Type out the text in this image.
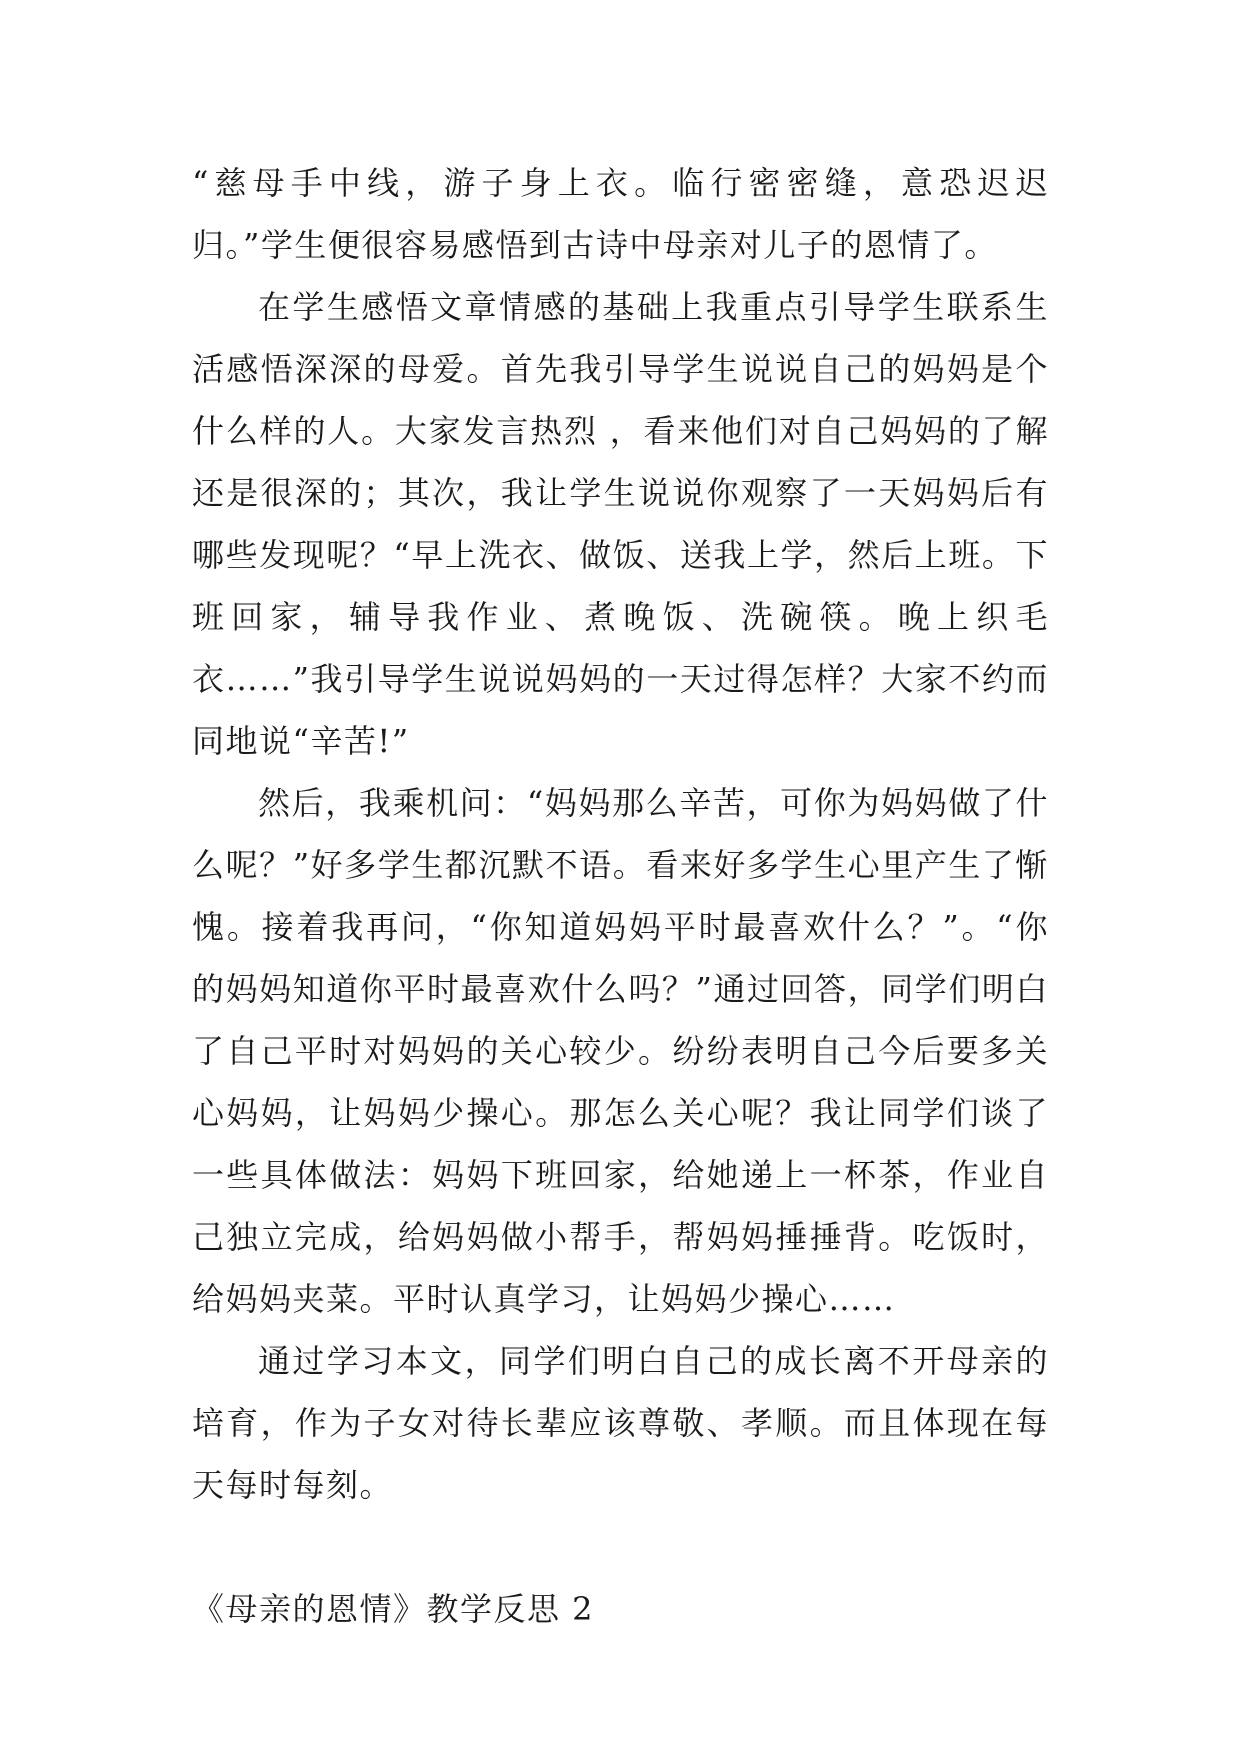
“慈母手中线，游子身上衣。临行密密缝，意恐迟迟归。”学生便很容易感悟到古诗中母亲对儿子的恩情了。

在学生感悟文章情感的基础上我重点引导学生联系生活感悟深深的母爱。首先我引导学生说说自己的妈妈是个什么样的人。大家发言热烈 ，看来他们对自己妈妈的了解还是很深的；其次，我让学生说说你观察了一天妈妈后有哪些发现呢？“早上洗衣、做饭、送我上学，然后上班。下班回家，辅导我作业、煮晚饭、洗碗筷。晚上织毛衣……”我引导学生说说妈妈的一天过得怎样？大家不约而同地说“辛苦!”

然后，我乘机问：“妈妈那么辛苦，可你为妈妈做了什么呢？”好多学生都沉默不语。看来好多学生心里产生了惭愧。接着我再问，“你知道妈妈平时最喜欢什么？”。“你的妈妈知道你平时最喜欢什么吗？”通过回答，同学们明白了自己平时对妈妈的关心较少。纷纷表明自己今后要多关心妈妈，让妈妈少操心。那怎么关心呢？我让同学们谈了一些具体做法：妈妈下班回家，给她递上一杯茶，作业自己独立完成，给妈妈做小帮手，帮妈妈捶捶背。吃饭时，给妈妈夹菜。平时认真学习，让妈妈少操心……

通过学习本文，同学们明白自己的成长离不开母亲的培育，作为子女对待长辈应该尊敬、孝顺。而且体现在每天每时每刻。

《母亲的恩情》教学反思 2
